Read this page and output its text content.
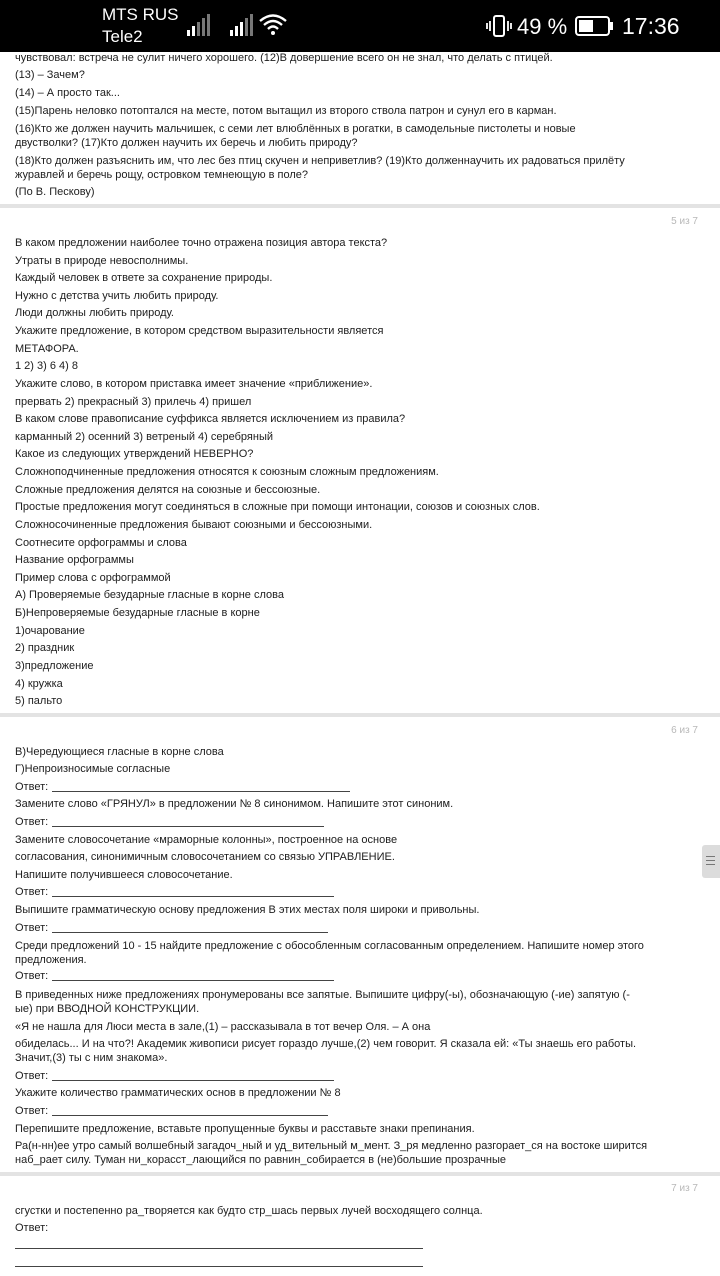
MTS RUS
Tele2	49 % 17:36
чувствовал: встреча не сулит ничего хорошего. (12)В довершение всего он не знал, что делать с птицей.
(13) – Зачем?
(14) – А просто так...
(15)Парень неловко потоптался на месте, потом вытащил из второго ствола патрон и сунул его в карман.
(16)Кто же должен научить мальчишек, с семи лет влюблённых в рогатки, в самодельные пистолеты и новые
двустволки? (17)Кто должен научить их беречь и любить природу?
(18)Кто должен разъяснить им, что лес без птиц скучен и неприветлив? (19)Кто долженнаучить их радоваться прилёту
журавлей и беречь рощу, островком темнеющую в поле?
(По В. Пескову)
5 из 7
В каком предложении наиболее точно отражена позиция автора текста?
Утраты в природе невосполнимы.
Каждый человек в ответе за сохранение природы.
Нужно с детства учить любить природу.
Люди должны любить природу.
Укажите предложение, в котором средством выразительности является
МЕТАФОРА.
1 2) 3) 6 4) 8
Укажите слово, в котором приставка имеет значение «приближение».
прервать 2) прекрасный 3) прилечь 4) пришел
В каком слове правописание суффикса является исключением из правила?
карманный 2) осенний 3) ветреный 4) серебряный
Какое из следующих утверждений НЕВЕРНО?
Сложноподчиненные предложения относятся к союзным сложным предложениям.
Сложные предложения делятся на союзные и бессоюзные.
Простые предложения могут соединяться в сложные при помощи интонации, союзов и союзных слов.
Сложносочиненные предложения бывают союзными и бессоюзными.
Соотнесите орфограммы и слова
Название орфограммы
Пример слова с орфограммой
А) Проверяемые безударные гласные в корне слова
Б)Непроверяемые безударные гласные в корне
1)очарование
2) праздник
3)предложение
4) кружка
5) пальто
6 из 7
В)Чередующиеся гласные в корне слова
Г)Непроизносимые согласные
Ответ:
Замените слово «ГРЯНУЛ» в предложении № 8 синонимом. Напишите этот синоним.
Ответ:
Замените словосочетание «мраморные колонны», построенное на основе
согласования, синонимичным словосочетанием со связью УПРАВЛЕНИЕ.
Напишите получившееся словосочетание.
Ответ:
Выпишите грамматическую основу предложения В этих местах поля широки и привольны.
Ответ:
Среди предложений 10 - 15 найдите предложение с обособленным согласованным определением. Напишите номер этого
предложения.
Ответ:
В приведенных ниже предложениях пронумерованы все запятые. Выпишите цифру(-ы), обозначающую (-ие) запятую (-
ые) при ВВОДНОЙ КОНСТРУКЦИИ.
«Я не нашла для Люси места в зале,(1) – рассказывала в тот вечер Оля. – А она
обиделась... И на что?! Академик живописи рисует гораздо лучше,(2) чем говорит. Я сказала ей: «Ты знаешь его работы.
Значит,(3) ты с ним знакома».
Ответ:
Укажите количество грамматических основ в предложении № 8
Ответ:
Перепишите предложение, вставьте пропущенные буквы и расставьте знаки препинания.
Ра(н-нн)ее утро самый волшебный загадоч_ный и уд_вительный м_мент. З_ря медленно разгорает_ся на востоке ширится
наб_рает силу. Туман ни_корасст_лающийся по равнин_собирается в (не)большие прозрачные
7 из 7
сгустки и постепенно ра_творяется как будто стр_шась первых лучей восходящего солнца.
Ответ:
